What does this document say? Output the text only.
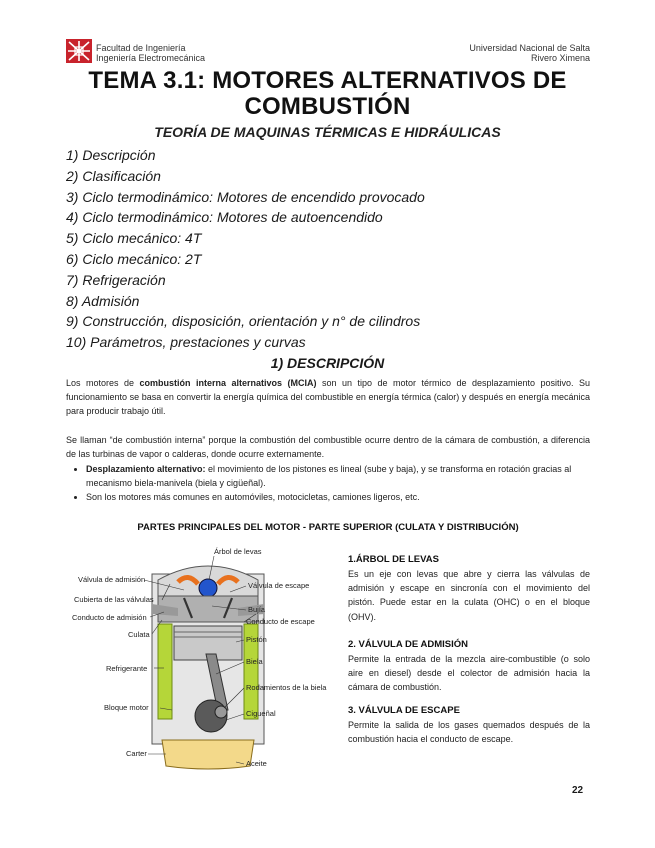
Facultad de Ingeniería
Ingeniería Electromecánica
Universidad Nacional de Salta
Rivero Ximena
TEMA 3.1: MOTORES ALTERNATIVOS DE
COMBUSTIÓN
TEORÍA DE MAQUINAS TÉRMICAS E HIDRÁULICAS
1) Descripción
2) Clasificación
3) Ciclo termodinámico: Motores de encendido provocado
4) Ciclo termodinámico: Motores de autoencendido
5) Ciclo mecánico: 4T
6) Ciclo mecánico: 2T
7) Refrigeración
8) Admisión
9) Construcción, disposición, orientación y n° de cilindros
10) Parámetros, prestaciones y curvas
1) DESCRIPCIÓN
Los motores de combustión interna alternativos (MCIA) son un tipo de motor térmico de desplazamiento positivo. Su funcionamiento se basa en convertir la energía química del combustible en energía térmica (calor) y después en energía mecánica para producir trabajo útil.
Se llaman “de combustión interna” porque la combustión del combustible ocurre dentro de la cámara de combustión, a diferencia de las turbinas de vapor o calderas, donde ocurre externamente.
• Desplazamiento alternativo: el movimiento de los pistones es lineal (sube y baja), y se transforma en rotación gracias al mecanismo biela-manivela (biela y cigüeñal).
• Son los motores más comunes en automóviles, motocicletas, camiones ligeros, etc.
PARTES PRINCIPALES DEL MOTOR - PARTE SUPERIOR (CULATA Y DISTRIBUCIÓN)
Árbol de levas
Válvula de admisión
Válvula de escape
Cubierta de las válvulas
Bujía
Conducto de admisión	Conducto de escape
Culata
Pistón
Refrigerante
Biela
Rodamientos de la biela
Bloque motor
Cigueñal
Carter
Aceite
1.ÁRBOL DE LEVAS

Es un eje con levas que abre y cierra las válvulas de admisión y escape en sincronía con el movimiento del pistón. Puede estar en la culata (OHC) o en el bloque (OHV).

2. VÁLVULA DE ADMISIÓN

Permite la entrada de la mezcla aire-combustible (o solo aire en diesel) desde el colector de admisión hacia la cámara de combustión.

3. VÁLVULA DE ESCAPE

Permite la salida de los gases quemados después de la combustión hacia el conducto de escape.

22
